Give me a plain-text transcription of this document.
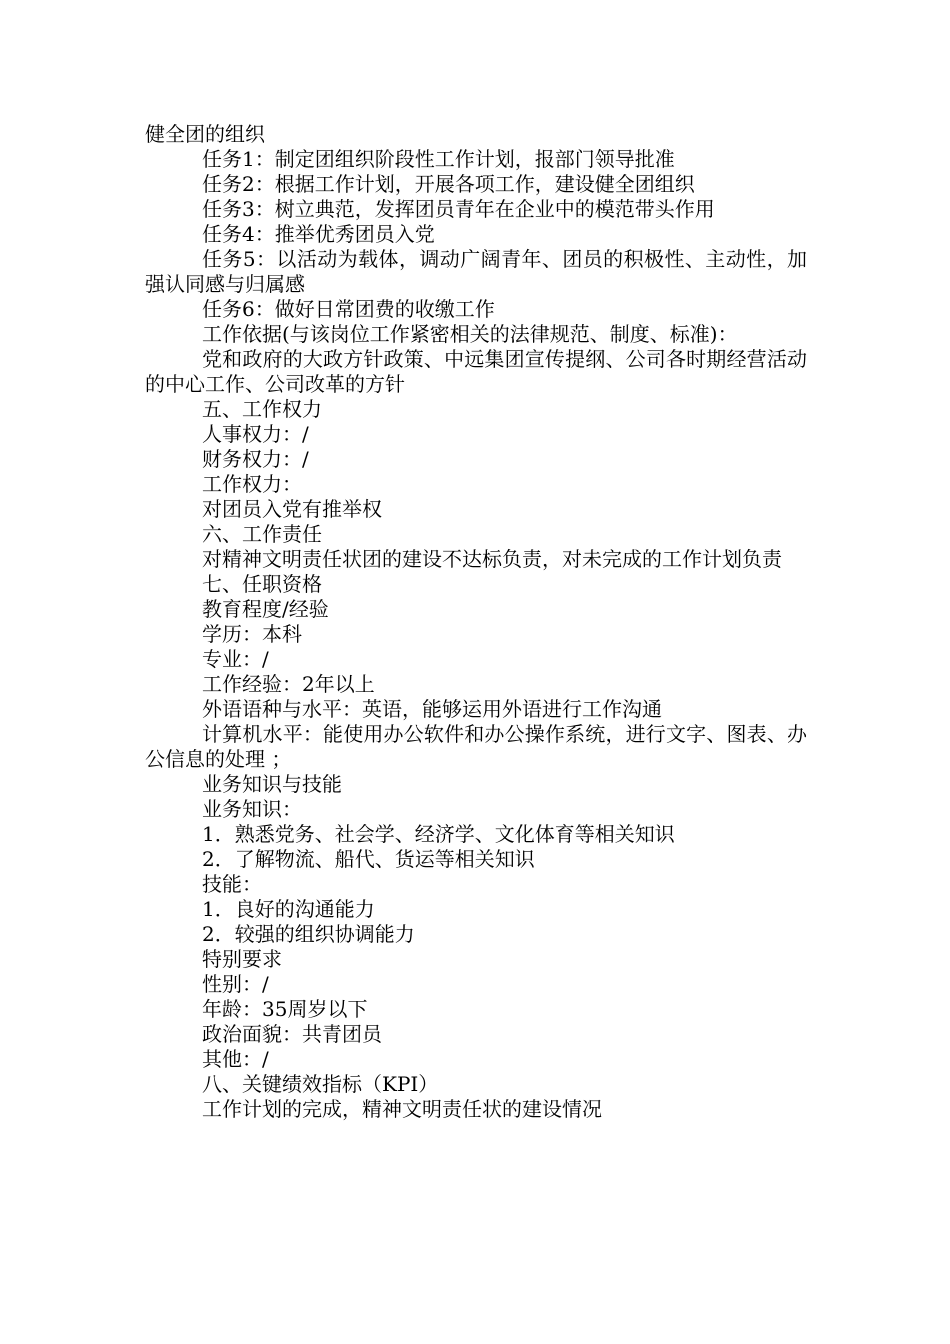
健全团的组织

任务1：制定团组织阶段性工作计划，报部门领导批准

任务2：根据工作计划，开展各项工作，建设健全团组织

任务3：树立典范，发挥团员青年在企业中的模范带头作用

任务4：推举优秀团员入党

任务5：以活动为载体，调动广阔青年、团员的积极性、主动性，加强认同感与归属感

任务6：做好日常团费的收缴工作

工作依据(与该岗位工作紧密相关的法律规范、制度、标准)：

党和政府的大政方针政策、中远集团宣传提纲、公司各时期经营活动的中心工作、公司改革的方针

五、工作权力

人事权力：/

财务权力：/

工作权力：

对团员入党有推举权

六、工作责任

对精神文明责任状团的建设不达标负责，对未完成的工作计划负责

七、任职资格

教育程度/经验

学历：本科

专业：/

工作经验：2年以上

外语语种与水平：英语，能够运用外语进行工作沟通

计算机水平：能使用办公软件和办公操作系统，进行文字、图表、办公信息的处理 ；

业务知识与技能

业务知识：

1．熟悉党务、社会学、经济学、文化体育等相关知识

2．了解物流、船代、货运等相关知识

技能：

1．良好的沟通能力

2．较强的组织协调能力

特别要求

性别：/

年龄：35周岁以下

政治面貌：共青团员

其他：/

八、关键绩效指标（KPI）

工作计划的完成，精神文明责任状的建设情况
